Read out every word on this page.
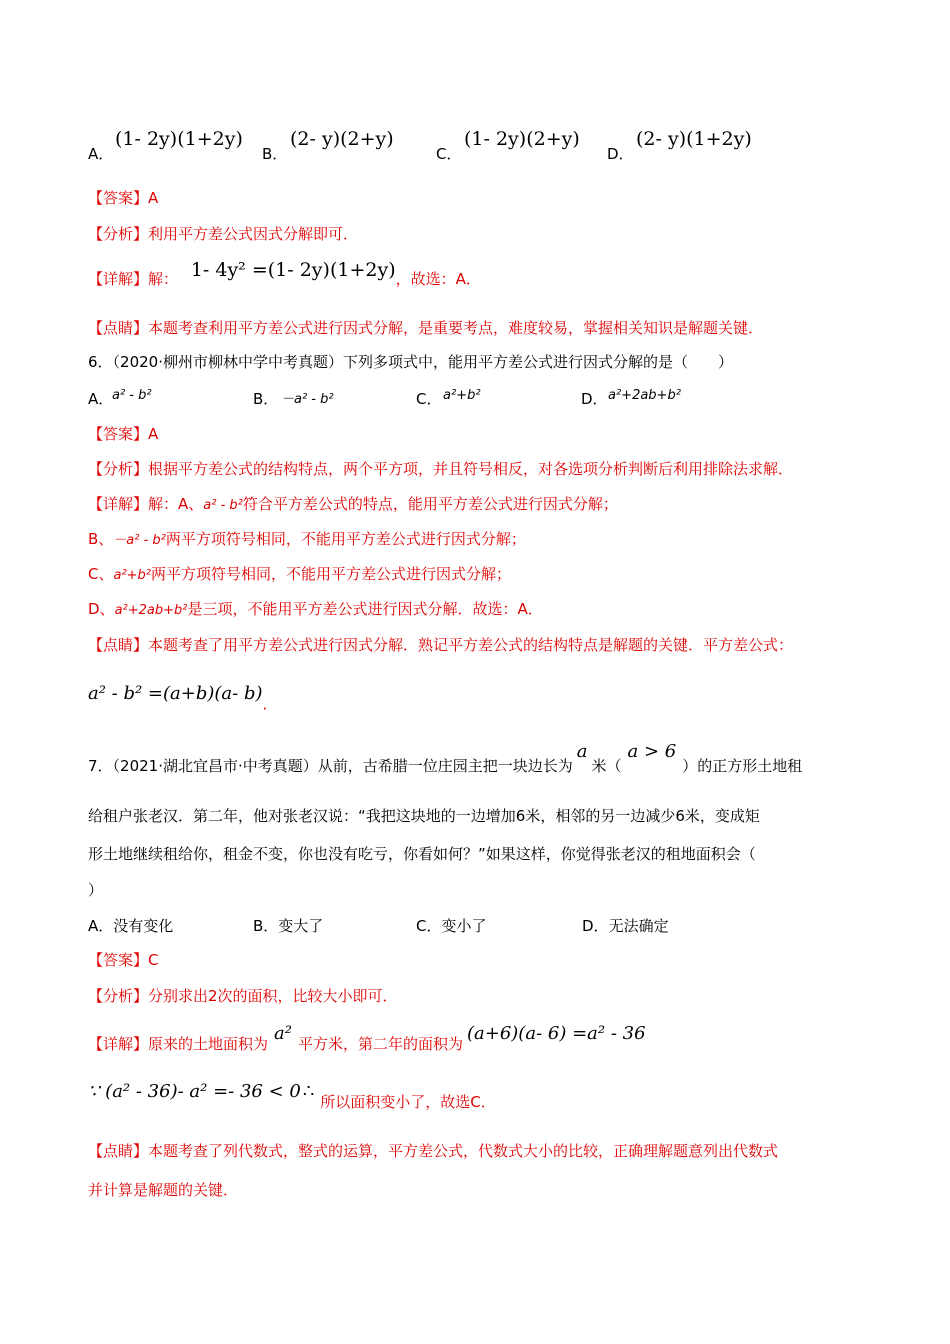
A．
(1- 2y)(1+2y)
B．
(2- y)(2+y)
C．
(1- 2y)(2+y)
D．
(2- y)(1+2y)
【答案】A
【分析】利用平方差公式因式分解即可．
【详解】解： 1- 4y² =(1- 2y)(1+2y)，故选：A．
【点睛】本题考查利用平方差公式进行因式分解，是重要考点，难度较易，掌握相关知识是解题关键．
6．（2020·柳州市柳林中学中考真题）下列多项式中，能用平方差公式进行因式分解的是（　　）
A．
a² - b²	B． －a² - b²	C． a²+b²	D． a²+2ab+b²
【答案】A
【分析】根据平方差公式的结构特点，两个平方项，并且符号相反，对各选项分析判断后利用排除法求解．
【详解】解：A、a² - b²符合平方差公式的特点，能用平方差公式进行因式分解；
B、－a² - b²两平方项符号相同，不能用平方差公式进行因式分解；
C、a²+b²两平方项符号相同，不能用平方差公式进行因式分解；
D、a²+2ab+b²是三项，不能用平方差公式进行因式分解．故选：A．
【点睛】本题考查了用平方差公式进行因式分解．熟记平方差公式的结构特点是解题的关键．平方差公式：
a² - b² =(a+b)(a- b)．
7．（2021·湖北宜昌市·中考真题）从前，古希腊一位庄园主把一块边长为a米（a > 6）的正方形土地租
给租户张老汉．第二年，他对张老汉说：“我把这块地的一边增加6米，相邻的另一边减少6米，变成矩
形土地继续租给你，租金不变，你也没有吃亏，你看如何？”如果这样，你觉得张老汉的租地面积会（
）
A．没有变化	B．变大了	C．变小了	D．无法确定
【答案】C
【分析】分别求出2次的面积，比较大小即可．
【详解】原来的土地面积为 a² 平方米，第二年的面积为 (a+6)(a- 6) =a² - 36
∵ (a² - 36)- a² =- 36 < 0 ∴ 所以面积变小了，故选C．
【点睛】本题考查了列代数式，整式的运算，平方差公式，代数式大小的比较，正确理解题意列出代数式
并计算是解题的关键．
